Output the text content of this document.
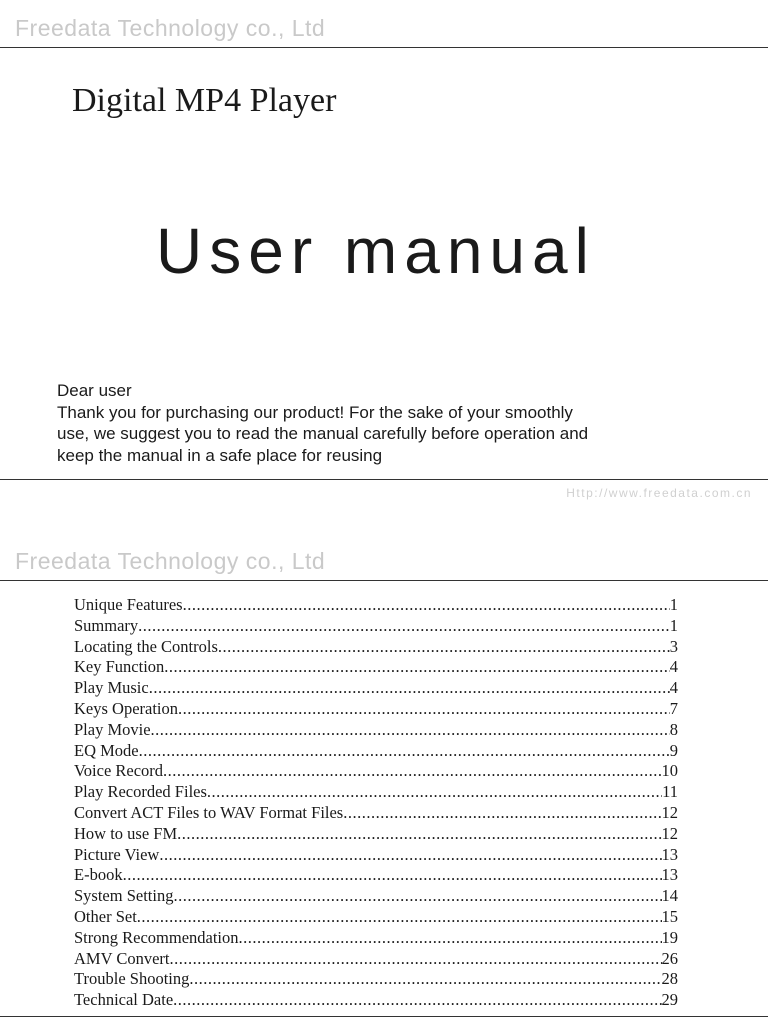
Freedata Technology co., Ltd
Digital MP4 Player
User manual
Dear user
Thank you for purchasing our product! For the sake of your smoothly
use, we suggest you to read the manual carefully before operation and
keep the manual in a safe place for reusing
Http://www.freedata.com.cn
Freedata Technology co., Ltd
Unique Features .....	1
Summary .....	1
Locating the Controls .....	3
Key Function .....	4
Play Music .....	4
Keys Operation .....	7
Play Movie .....	8
EQ Mode .....	9
Voice Record .....	10
Play Recorded Files .....	11
Convert ACT Files to WAV Format Files .....	12
How to use FM .....	12
Picture View .....	13
E-book .....	13
System Setting .....	14
Other Set .....	15
Strong Recommendation .....	19
AMV Convert .....	26
Trouble Shooting .....	28
Technical Date .....	29
